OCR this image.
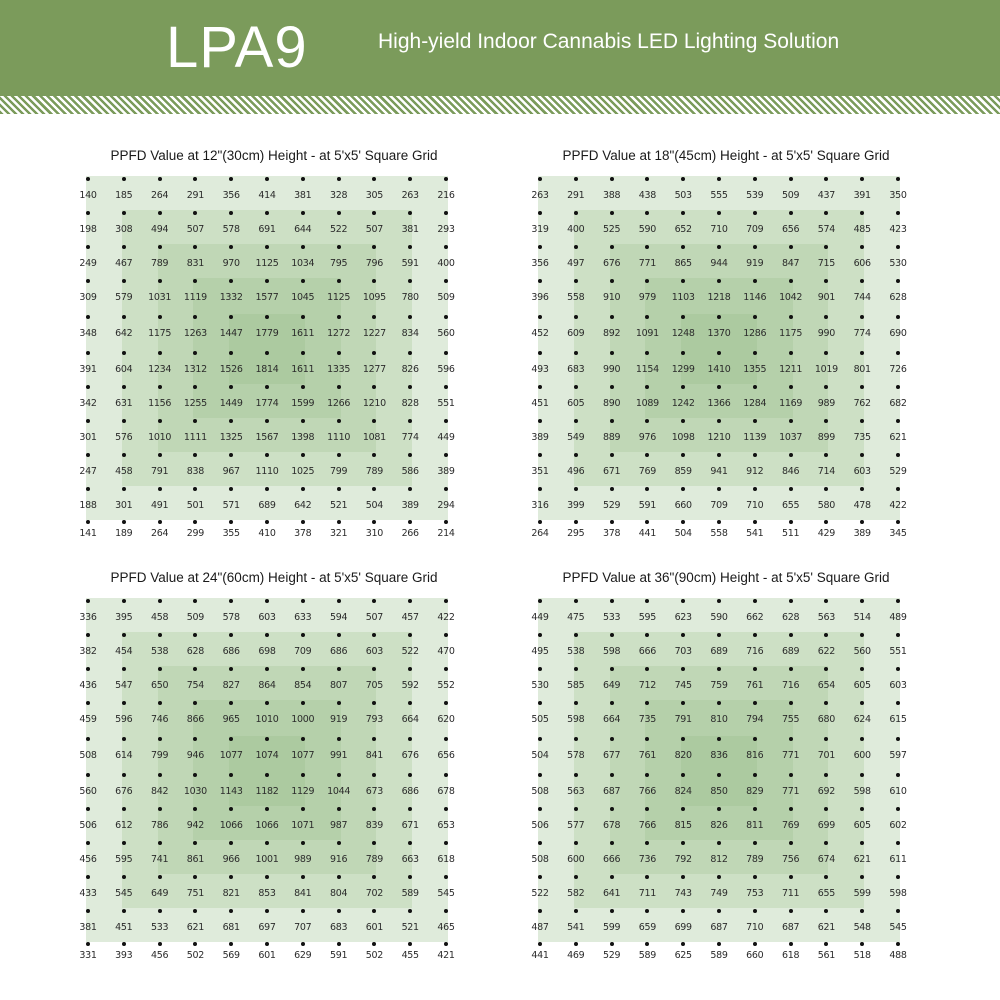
LPA9	High-yield Indoor Cannabis LED Lighting Solution
PPFD Value at 12"(30cm) Height - at 5'x5' Square Grid
140	185	264	291	356	414	381	328	305	263	216
198	308	494	507	578	691	644	522	507	381	293
249	467	789	831	970	1125	1034	795	796	591	400
309	579	1031	1119	1332	1577	1045	1125	1095	780	509
348	642	1175	1263	1447	1779	1611	1272	1227	834	560
391	604	1234	1312	1526	1814	1611	1335	1277	826	596
342	631	1156	1255	1449	1774	1599	1266	1210	828	551
301	576	1010	1111	1325	1567	1398	1110	1081	774	449
247	458	791	838	967	1110	1025	799	789	586	389
188	301	491	501	571	689	642	521	504	389	294
141	189	264	299	355	410	378	321	310	266	214
PPFD Value at 18"(45cm) Height - at 5'x5' Square Grid
263	291	388	438	503	555	539	509	437	391	350
319	400	525	590	652	710	709	656	574	485	423
356	497	676	771	865	944	919	847	715	606	530
396	558	910	979	1103	1218	1146	1042	901	744	628
452	609	892	1091	1248	1370	1286	1175	990	774	690
493	683	990	1154	1299	1410	1355	1211	1019	801	726
451	605	890	1089	1242	1366	1284	1169	989	762	682
389	549	889	976	1098	1210	1139	1037	899	735	621
351	496	671	769	859	941	912	846	714	603	529
316	399	529	591	660	709	710	655	580	478	422
264	295	378	441	504	558	541	511	429	389	345
PPFD Value at 24"(60cm) Height - at 5'x5' Square Grid
336	395	458	509	578	603	633	594	507	457	422
382	454	538	628	686	698	709	686	603	522	470
436	547	650	754	827	864	854	807	705	592	552
459	596	746	866	965	1010	1000	919	793	664	620
508	614	799	946	1077	1074	1077	991	841	676	656
560	676	842	1030	1143	1182	1129	1044	673	686	678
506	612	786	942	1066	1066	1071	987	839	671	653
456	595	741	861	966	1001	989	916	789	663	618
433	545	649	751	821	853	841	804	702	589	545
381	451	533	621	681	697	707	683	601	521	465
331	393	456	502	569	601	629	591	502	455	421
PPFD Value at 36"(90cm) Height - at 5'x5' Square Grid
449	475	533	595	623	590	662	628	563	514	489
495	538	598	666	703	689	716	689	622	560	551
530	585	649	712	745	759	761	716	654	605	603
505	598	664	735	791	810	794	755	680	624	615
504	578	677	761	820	836	816	771	701	600	597
508	563	687	766	824	850	829	771	692	598	610
506	577	678	766	815	826	811	769	699	605	602
508	600	666	736	792	812	789	756	674	621	611
522	582	641	711	743	749	753	711	655	599	598
487	541	599	659	699	687	710	687	621	548	545
441	469	529	589	625	589	660	618	561	518	488
